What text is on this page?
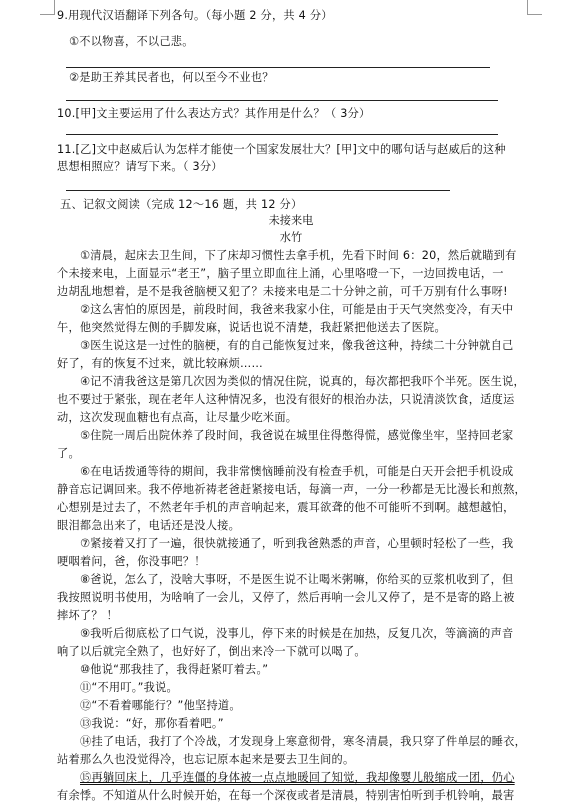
9.用现代汉语翻译下列各句。（每小题 2 分，共 4 分）
①不以物喜，不以己悲。
②是助王养其民者也，何以至今不业也？
10.[甲]文主要运用了什么表达方式？其作用是什么？（ 3分）
11.[乙]文中赵威后认为怎样才能使一个国家发展壮大？[甲]文中的哪句话与赵威后的这种
思想相照应？请写下来。（ 3分）
五、记叙文阅读（完成 12～16 题，共 12 分）
未接来电
水竹
①清晨，起床去卫生间，下了床却习惯性去拿手机，先看下时间 6：20，然后就瞄到有
个未接来电，上面显示“老王”，脑子里立即血往上涌，心里咯噔一下，一边回拨电话，一
边胡乱地想着，是不是我爸脑梗又犯了？未接来电是二十分钟之前，可千万别有什么事呀!
②这么害怕的原因是，前段时间，我爸来我家小住，可能是由于天气突然变冷，有天中
午，他突然觉得左侧的手脚发麻，说话也说不清楚，我赶紧把他送去了医院。
③医生说这是一过性的脑梗，有的自己能恢复过来，像我爸这种，持续二十分钟就自己
好了，有的恢复不过来，就比较麻烦……
④记不清我爸这是第几次因为类似的情况住院，说真的，每次都把我吓个半死。医生说，
也不要过于紧张，现在老年人这种情况多，也没有很好的根治办法，只说清淡饮食，适度运
动，这次发现血糖也有点高，让尽量少吃米面。
⑤住院一周后出院休养了段时间，我爸说在城里住得憋得慌，感觉像坐牢，坚持回老家
了。
⑥在电话拨通等待的期间，我非常懊恼睡前没有检查手机，可能是白天开会把手机设成
静音忘记调回来。我不停地祈祷老爸赶紧接电话，每滴一声，一分一秒都是无比漫长和煎熬，
心想别是过去了，不然老年手机的声音响起来，震耳欲聋的他不可能听不到啊。越想越怕，
眼泪都急出来了，电话还是没人接。
⑦紧接着又打了一遍，很快就接通了，听到我爸熟悉的声音，心里顿时轻松了一些，我
哽咽着问，爸，你没事吧？！
⑧爸说，怎么了，没啥大事呀，不是医生说不让喝米粥嘛，你给买的豆浆机收到了，但
我按照说明书使用，为啥响了一会儿，又停了，然后再响一会儿又停了，是不是寄的路上被
摔坏了？ ！
⑨我听后彻底松了口气说，没事儿，停下来的时候是在加热，反复几次，等滴滴的声音
响了以后就完全熟了，也好好了，倒出来冷一下就可以喝了。
⑩他说“那我挂了，我得赶紧叮着去。”
⑪“不用叮。”我说。
⑫“不看着哪能行？”他坚持道。
⑬我说：“好，那你看着吧。”
⑭挂了电话，我打了个冷战，才发现身上寒意彻骨，寒冬清晨，我只穿了件单层的睡衣，
站着那么久也没觉得冷，也忘记原本起来是要去卫生间的。
⑮再躺回床上，几乎连僵的身体被一点点地暖回了知觉，我却像婴儿般缩成一团，仍心
有余悸。不知道从什么时候开始，在每一个深夜或者是清晨，特别害怕听到手机铃响，最害
